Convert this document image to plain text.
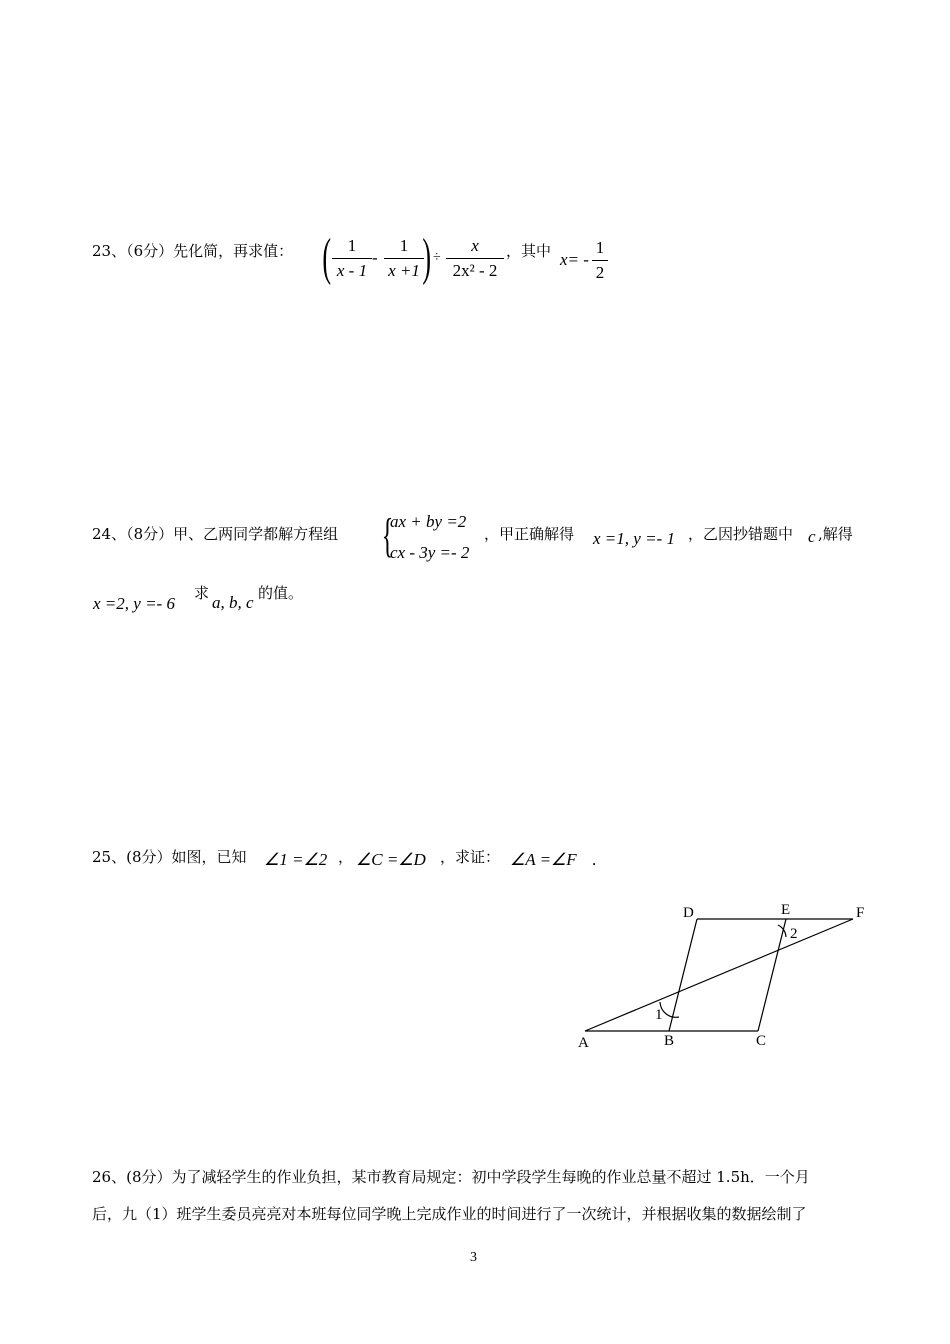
23、（6分）先化简，再求值： ( 1
x - 1
-
1
x +1 ) ÷
x
2x² - 2
，其中 x= -
1
2
24、（8分）甲、乙两同学都解方程组 {
ax + by =2
cx - 3y =- 2
，甲正确解得 x =1, y =- 1 ，乙因抄错题中 c ,解得
x =2, y =- 6
求 a, b, c 的值。
25、(8分）如图，已知 ∠1 =∠2 ， ∠C =∠D ，求证： ∠A =∠F .
A	B	C
D	E	F
1
2
26、(8分）为了减轻学生的作业负担，某市教育局规定：初中学段学生每晚的作业总量不超过 1.5h．一个月
后，九（1）班学生委员亮亮对本班每位同学晚上完成作业的时间进行了一次统计，并根据收集的数据绘制了
3
